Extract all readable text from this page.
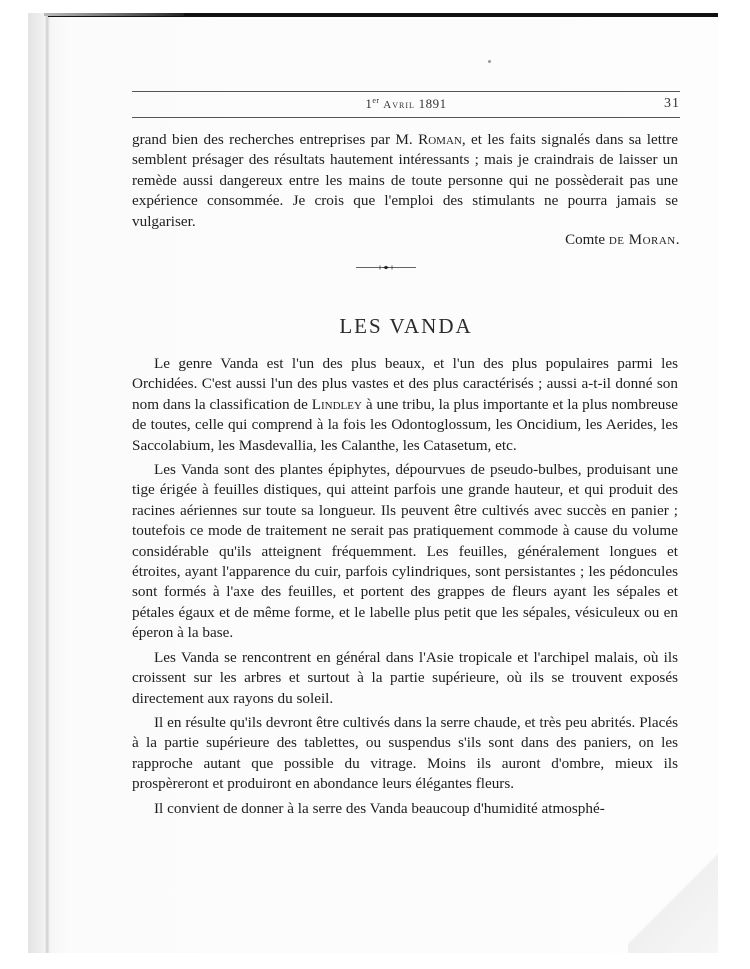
1er Avril 1891	31

grand bien des recherches entreprises par M. Roman, et les faits signalés dans sa lettre semblent présager des résultats hautement intéressants ; mais je craindrais de laisser un remède aussi dangereux entre les mains de toute personne qui ne possèderait pas une expérience consommée. Je crois que l'emploi des stimulants ne pourra jamais se vulgariser.

Comte de Moran.
LES VANDA

Le genre Vanda est l'un des plus beaux, et l'un des plus populaires parmi les Orchidées. C'est aussi l'un des plus vastes et des plus caractérisés ; aussi a-t-il donné son nom dans la classification de Lindley à une tribu, la plus importante et la plus nombreuse de toutes, celle qui comprend à la fois les Odontoglossum, les Oncidium, les Aerides, les Saccolabium, les Masdevallia, les Calanthe, les Catasetum, etc.

Les Vanda sont des plantes épiphytes, dépourvues de pseudo-bulbes, produisant une tige érigée à feuilles distiques, qui atteint parfois une grande hauteur, et qui produit des racines aériennes sur toute sa longueur. Ils peuvent être cultivés avec succès en panier ; toutefois ce mode de traitement ne serait pas pratiquement commode à cause du volume considérable qu'ils atteignent fréquemment. Les feuilles, généralement longues et étroites, ayant l'apparence du cuir, parfois cylindriques, sont persistantes ; les pédoncules sont formés à l'axe des feuilles, et portent des grappes de fleurs ayant les sépales et pétales égaux et de même forme, et le labelle plus petit que les sépales, vésiculeux ou en éperon à la base.

Les Vanda se rencontrent en général dans l'Asie tropicale et l'archipel malais, où ils croissent sur les arbres et surtout à la partie supérieure, où ils se trouvent exposés directement aux rayons du soleil.

Il en résulte qu'ils devront être cultivés dans la serre chaude, et très peu abrités. Placés à la partie supérieure des tablettes, ou suspendus s'ils sont dans des paniers, on les rapproche autant que possible du vitrage. Moins ils auront d'ombre, mieux ils prospèreront et produiront en abondance leurs élégantes fleurs.

Il convient de donner à la serre des Vanda beaucoup d'humidité atmosphé-
